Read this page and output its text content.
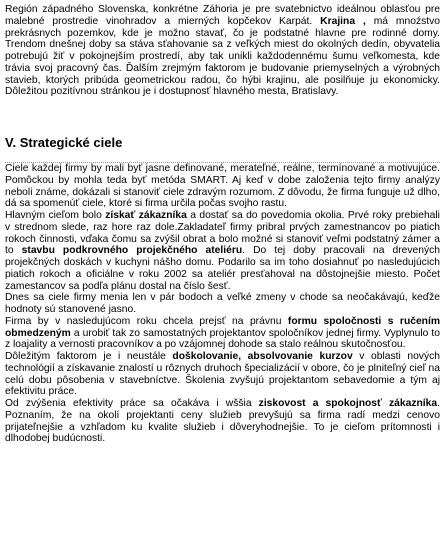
Región západného Slovenska, konkrétne Záhoria je pre svatebnictvo ideálnou oblasťou pre malebné prostredie vinohradov a mierných kopčekov Karpát. Krajina , má mnoźstvo prekrásnych pozemkov, kde je možno stavať, čo je podstatné hlavne pre rodinné domy. Trendom dnešnej doby sa stáva sťahovanie sa z veľkých miest do okolných dedín, obyvatelia potrebujú žiť v pokojnejším prostredí, aby tak unikli každodennému šumu veľkomesta, kde trávia svoj pracovný čas. Ďalším zrejmým faktorom je budovanie priemyselných a výrobných stavieb, ktorých pribúda geometrickou radou, čo hýbi krajinu, ale posilňuje ju ekonomicky. Dôležitou pozitívnou stránkou je i dostupnosť hlavného mesta, Bratislavy.

V. Strategické ciele

Ciele každej firmy by mali byť jasne definované, merateľné, reálne, termínované a motivujúce. Pomôckou by mohla teda byť metóda SMART. Aj keď v dobe založenia tejto firmy analýzy neboli známe, dokázali si stanoviť ciele zdravým rozumom. Z dôvodu, že firma funguje už dlho, dá sa spomenúť ciele, ktoré si firma určila počas svojho rastu.

Hlavným cieľom bolo získať zákazníka a dostať sa do povedomia okolia. Prvé roky prebiehali v strednom slede, raz hore raz dole.Zakladateľ firmy pribral prvých zamestnancov po piatich rokoch činnosti, vďaka čomu sa zvýšil obrat a bolo možné si stanoviť veľmi podstatný zámer a to stavbu podkrovného projekčného ateliéru. Do tej doby pracovali na drevených projekčných doskách v kuchyni nášho domu. Podarilo sa im toho dosiahnuť po nasledujúcich piatich rokoch a oficiálne v roku 2002 sa ateliér presťahoval na dôstojnejšie miesto. Počet zamestancov sa podľa plánu dostal na číslo šesť.

Dnes sa ciele firmy menia len v pár bodoch a veľké zmeny v chode sa neočakávajú, keďže hodnoty sú stanovené jasno.

Firma by v nasledujúcom roku chcela prejsť na právnu formu spoločnosti s ručením obmedzeným a urobiť tak zo samostatných projektantov spoločníkov jednej firmy. Vyplynulo to z loajality a vernosti pracovníkov a po vzájomnej dohode sa stalo reálnou skutočnosťou.

Dôležitým faktorom je i neustále doškolovanie, absolvovanie kurzov v oblasti nových technológií a získavanie znalostí u rôznych druhoch špecializácií v obore, čo je plniteľný cieľ na celú dobu pôsobenia v stavebníctve. Školenia zvyšujú projektantom sebavedomie a tým aj efektivitu práce.

Od zvýšenia efektivity práce sa očakáva i wššia ziskovost a spokojnosť zákazníka. Poznaním, že na okolí projektanti ceny služieb prevyšujú sa firma radí medzi cenovo prijateľnejšie a vzhľadom ku kvalite služieb i dôveryhodnejšie. To je cieľom prítomnosti i dlhodobej budúcnosti.
